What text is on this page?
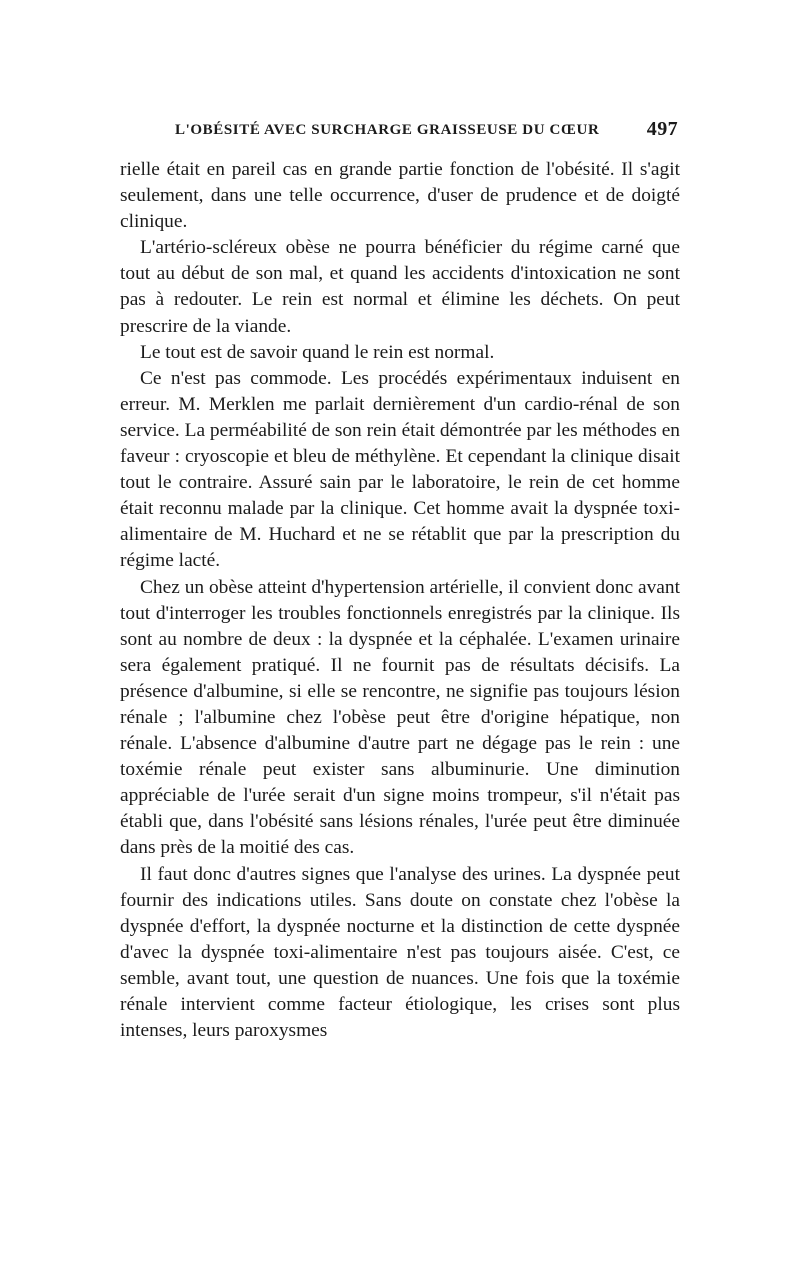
L'OBÉSITÉ AVEC SURCHARGE GRAISSEUSE DU CŒUR 497

rielle était en pareil cas en grande partie fonction de l'obésité. Il s'agit seulement, dans une telle occurrence, d'user de prudence et de doigté clinique.

L'artério-scléreux obèse ne pourra bénéficier du régime carné que tout au début de son mal, et quand les accidents d'intoxication ne sont pas à redouter. Le rein est normal et élimine les déchets. On peut prescrire de la viande.

Le tout est de savoir quand le rein est normal.

Ce n'est pas commode. Les procédés expérimentaux induisent en erreur. M. Merklen me parlait dernièrement d'un cardio-rénal de son service. La perméabilité de son rein était démontrée par les méthodes en faveur : cryoscopie et bleu de méthylène. Et cependant la clinique disait tout le contraire. Assuré sain par le laboratoire, le rein de cet homme était reconnu malade par la clinique. Cet homme avait la dyspnée toxi-alimentaire de M. Huchard et ne se rétablit que par la prescription du régime lacté.

Chez un obèse atteint d'hypertension artérielle, il convient donc avant tout d'interroger les troubles fonctionnels enregistrés par la clinique. Ils sont au nombre de deux : la dyspnée et la céphalée. L'examen urinaire sera également pratiqué. Il ne fournit pas de résultats décisifs. La présence d'albumine, si elle se rencontre, ne signifie pas toujours lésion rénale ; l'albumine chez l'obèse peut être d'origine hépatique, non rénale. L'absence d'albumine d'autre part ne dégage pas le rein : une toxémie rénale peut exister sans albuminurie. Une diminution appréciable de l'urée serait d'un signe moins trompeur, s'il n'était pas établi que, dans l'obésité sans lésions rénales, l'urée peut être diminuée dans près de la moitié des cas.

Il faut donc d'autres signes que l'analyse des urines. La dyspnée peut fournir des indications utiles. Sans doute on constate chez l'obèse la dyspnée d'effort, la dyspnée nocturne et la distinction de cette dyspnée d'avec la dyspnée toxi-alimentaire n'est pas toujours aisée. C'est, ce semble, avant tout, une question de nuances. Une fois que la toxémie rénale intervient comme facteur étiologique, les crises sont plus intenses, leurs paroxysmes
